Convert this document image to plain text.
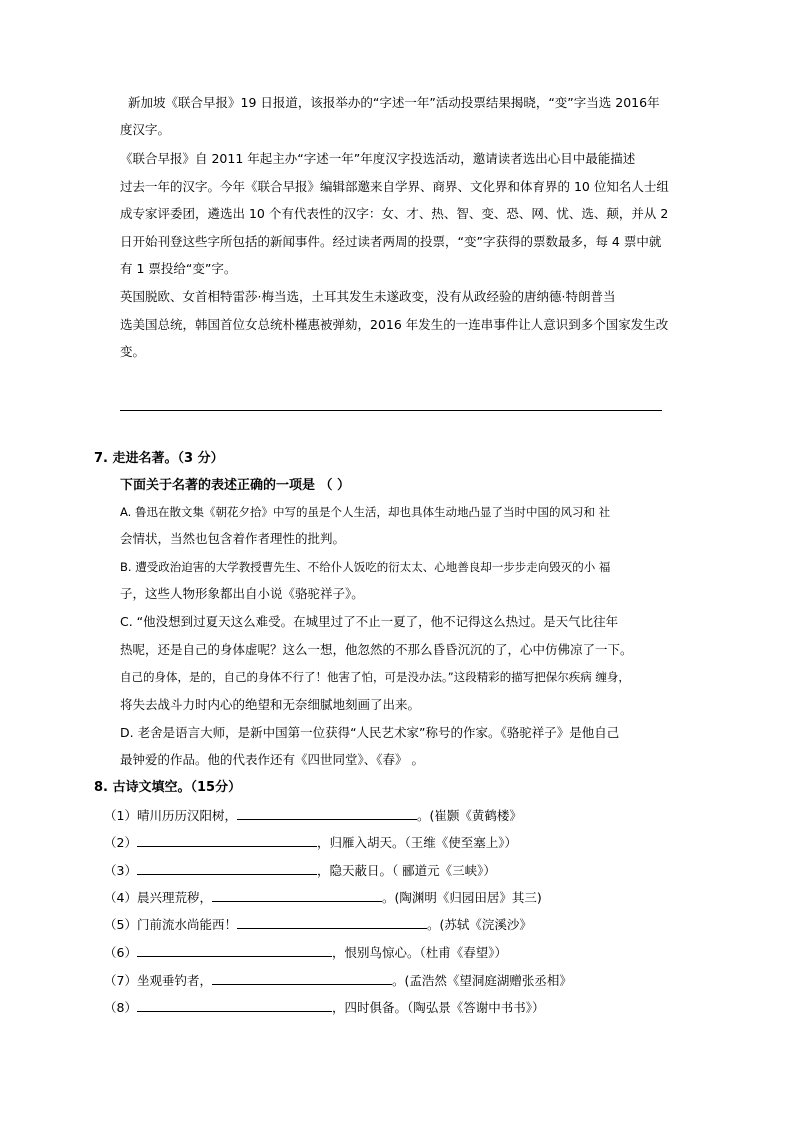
新加坡《联合早报》19 日报道，该报举办的“字述一年”活动投票结果揭晓，“变”字当选 2016年
度汉字。
《联合早报》自 2011 年起主办“字述一年”年度汉字投选活动，邀请读者选出心目中最能描述
过去一年的汉字。今年《联合早报》编辑部邀来自学界、商界、文化界和体育界的 10 位知名人士组
成专家评委团，遴选出 10 个有代表性的汉字：女、才、热、智、变、恐、网、忧、选、颠，并从 2
日开始刊登这些字所包括的新闻事件。经过读者两周的投票，“变”字获得的票数最多，每 4 票中就
有 1 票投给“变”字。
英国脱欧、女首相特雷莎·梅当选，土耳其发生未遂政变，没有从政经验的唐纳德·特朗普当
选美国总统，韩国首位女总统朴槿惠被弹劾，2016 年发生的一连串事件让人意识到多个国家发生改
变。
7. 走进名著。（3 分）
下面关于名著的表述正确的一项是 （ ）
A. 鲁迅在散文集《朝花夕拾》中写的虽是个人生活，却也具体生动地凸显了当时中国的风习和 社
会情状，当然也包含着作者理性的批判。
B. 遭受政治迫害的大学教授曹先生、不给仆人饭吃的衍太太、心地善良却一步步走向毁灭的小 福
子，这些人物形象都出自小说《骆驼祥子》。
C. “他没想到过夏天这么难受。在城里过了不止一夏了，他不记得这么热过。是天气比往年
热呢，还是自己的身体虚呢？这么一想，他忽然的不那么昏昏沉沉的了，心中仿佛凉了一下。
自己的身体，是的，自己的身体不行了！他害了怕，可是没办法。”这段精彩的描写把保尔疾病 缠身，
将失去战斗力时内心的绝望和无奈细腻地刻画了出来。
D. 老舍是语言大师，是新中国第一位获得“人民艺术家”称号的作家。《骆驼祥子》是他自己
最钟爱的作品。他的代表作还有《四世同堂》、《春》 。
8. 古诗文填空。（15分）
（1）晴川历历汉阳树，	。(崔颢《黄鹤楼》
（2）	，归雁入胡天。（王维《使至塞上》）
（3）	，隐天蔽日。（ 郦道元《三峡》）
（4）晨兴理荒秽，	。(陶渊明《归园田居》其三)
（5）门前流水尚能西！	。(苏轼《浣溪沙》
（6）	，恨别鸟惊心。（杜甫《春望》）
（7）坐观垂钓者，	。(孟浩然《望洞庭湖赠张丞相》
（8）	，四时俱备。（陶弘景《答谢中书书》）
